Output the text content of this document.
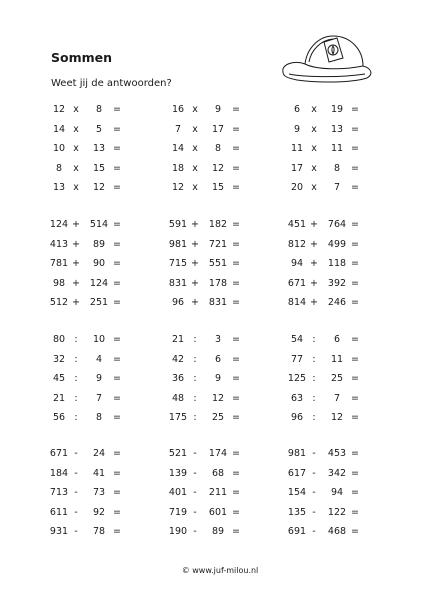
Sommen
Weet jij de antwoorden?
12 x	8	=
14 x	5	=
10 x	13 =
8	x	15 =
13 x	12 =
16 x	9	=
7	x	17 =
14 x	8	=
18 x	12 =
12 x	15 =
6	x	19 =
9	x	13 =
11 x	11 =
17 x	8	=
20 x	7	=
124 +	514 =
413 +	89 =
781 +	90 =
98 +	124 =
512 +	251 =
591 +	182 =
981 +	721 =
715 +	551 =
831 +	178 =
96 +	831 =
451 +	764 =
812 +	499 =
94 +	118 =
671 +	392 =
814 +	246 =
80 :	10 =
32 :	4	=
45 :	9	=
21 :	7	=
56 :	8	=
21 :	3	=
42 :	6	=
36 :	9	=
48 :	12 =
175 :	25 =
54 :	6	=
77 :	11 =
125 :	25 =
63 :	7	=
96 :	12 =
671 -	24 =
184 -	41 =
713 -	73 =
611 -	92 =
931 -	78 =
521 -	174 =
139 -	68 =
401 -	211 =
719 -	601 =
190 -	89 =
981 -	453 =
617 -	342 =
154 -	94 =
135 -	122 =
691 -	468 =
© www.juf-milou.nl
